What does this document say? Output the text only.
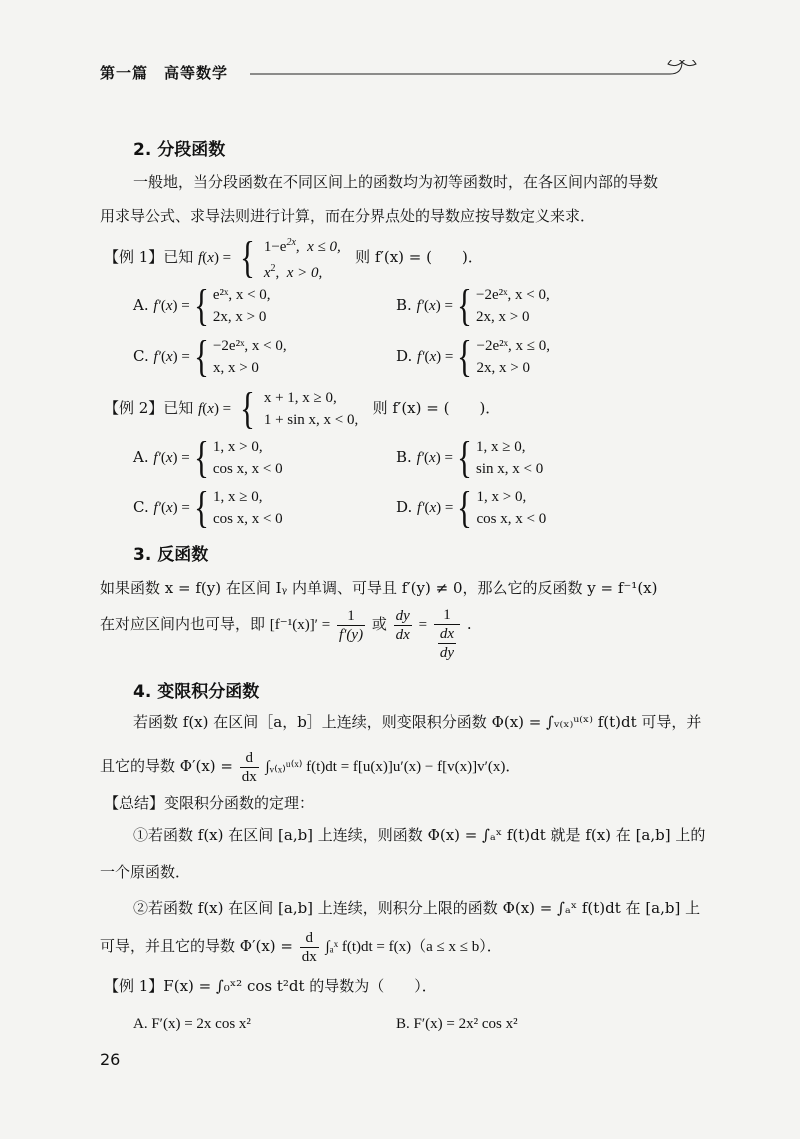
第一篇　高等数学
2. 分段函数
一般地，当分段函数在不同区间上的函数均为初等函数时，在各区间内部的导数
用求导公式、求导法则进行计算，而在分界点处的导数应按导数定义来求．
【例 1】已知 f(x) = { $1-e^{2x}$,  x ≤ 0,
$x^2$,  x > 0,
则 f′(x) = (　　)．
A. f′(x) ={ e²ˣ, x < 0,
2x, x > 0
B. f′(x) ={ −2e²ˣ, x < 0,
2x, x > 0
C. f′(x) ={ −2e²ˣ, x < 0,
x, x > 0
D. f′(x) ={ −2e²ˣ, x ≤ 0,
2x, x > 0
【例 2】已知 f(x) = { x + 1, x ≥ 0,
1 + sin x, x < 0,
则 f′(x) = (　　)．
A. f′(x) ={ 1, x > 0,
cos x, x < 0
B. f′(x) ={ 1, x ≥ 0,
sin x, x < 0
C. f′(x) ={ 1, x ≥ 0,
cos x, x < 0
D. f′(x) ={ 1, x > 0,
cos x, x < 0
3. 反函数
如果函数 x = f(y) 在区间 Iᵧ 内单调、可导且 f′(y) ≠ 0，那么它的反函数 y = f⁻¹(x)
在对应区间内也可导，即 $[f^{-1}(x)]' = \frac{1}{f'(y)}$ 或 $\frac{dy}{dx} = \frac{1}{\frac{dx}{dy}}$ .
4. 变限积分函数
若函数 f(x) 在区间［a，b］上连续，则变限积分函数 Φ(x) = ∫ᵥ₍ₓ₎ᵘ⁽ˣ⁾ f(t)dt 可导，并
且它的导数 $\Phi'(x) = \frac{d}{dx}$ ∫ᵥ₍ₓ₎ᵘ⁽ˣ⁾ f(t)dt = f[u(x)]u′(x) − f[v(x)]v′(x)．
【总结】变限积分函数的定理：
①若函数 f(x) 在区间 [a,b] 上连续，则函数 Φ(x) = ∫ₐˣ f(t)dt 就是 f(x) 在 [a,b] 上的
一个原函数．
②若函数 f(x) 在区间 [a,b] 上连续，则积分上限的函数 Φ(x) = ∫ₐˣ f(t)dt 在 [a,b] 上
可导，并且它的导数 $\Phi'(x) = \frac{d}{dx}$ ∫ₐˣ f(t)dt = f(x)（a ≤ x ≤ b）．
【例 1】F(x) = ∫₀ˣ² cos t²dt 的导数为（　　）．
A. F′(x) = 2x cos x²	B. F′(x) = 2x² cos x²
26
